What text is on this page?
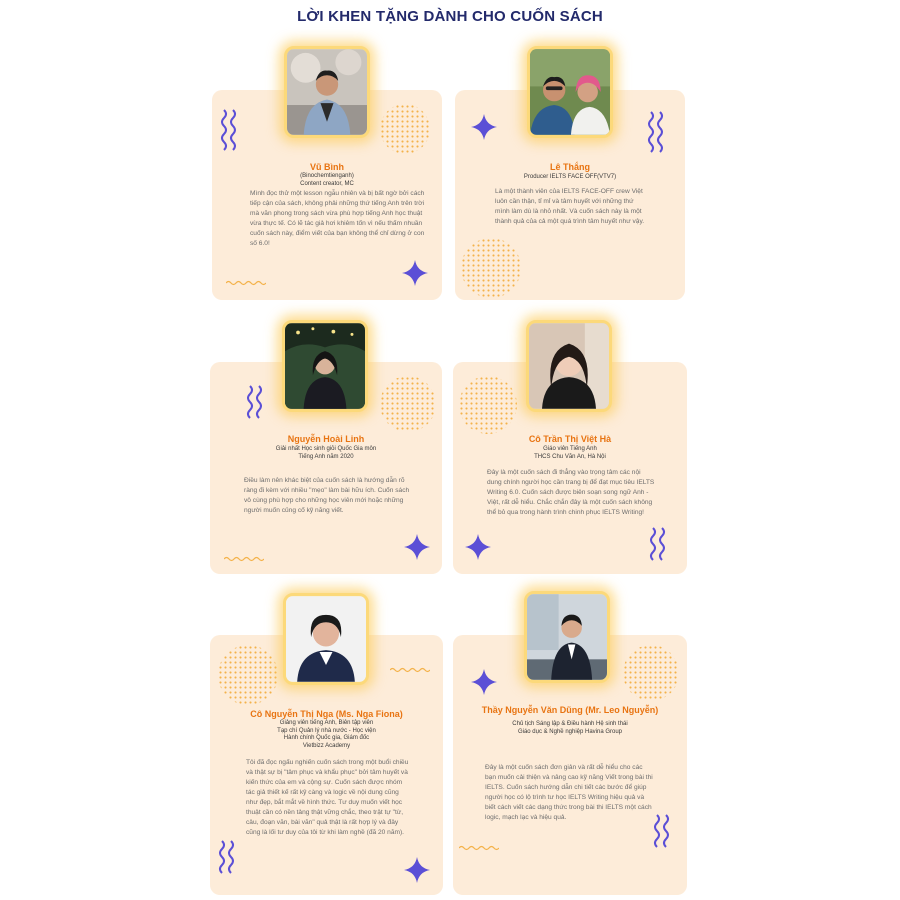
LỜI KHEN TẶNG DÀNH CHO CUỐN SÁCH
Vũ Bình
(Binochemtienganh)
Content creator, MC
Mình đọc thử một lesson ngẫu nhiên và bị bất ngờ bởi cách tiếp cận của sách, không phải những thứ tiếng Anh trên trời mà văn phong trong sách vừa phù hợp tiếng Anh học thuật vừa thực tế. Có lẽ tác giả hơi khiêm tốn vì nếu thấm nhuần cuốn sách này, điểm viết của bạn không thể chỉ dừng ở con số 6.0!
Lê Thắng
Producer IELTS FACE OFF(VTV7)
Là một thành viên của IELTS FACE-OFF crew Việt luôn cần thận, tỉ mỉ và tâm huyết với những thứ mình làm dù là nhỏ nhất. Và cuốn sách này là một thành quả của cả một quá trình tâm huyết như vậy.
Nguyễn Hoài Linh
Giải nhất Học sinh giỏi Quốc Gia môn
Tiếng Anh năm 2020
Điều làm nên khác biệt của cuốn sách là hướng dẫn rõ ràng đi kèm với nhiều "mẹo" làm bài hữu ích. Cuốn sách vô cùng phù hợp cho những học viên mới hoặc những người muốn củng cố kỹ năng viết.
Cô Trần Thị Việt Hà
Giáo viên Tiếng Anh
THCS Chu Văn An, Hà Nội
Đây là một cuốn sách đi thẳng vào trọng tâm các nội dung chính người học cần trang bị để đạt mục tiêu IELTS Writing 6.0. Cuốn sách được biên soạn song ngữ Anh - Việt, rất dễ hiểu. Chắc chắn đây là một cuốn sách không thể bỏ qua trong hành trình chinh phục IELTS Writing!
Cô Nguyễn Thị Nga (Ms. Nga Fiona)
Giảng viên tiếng Anh, Biên tập viên
Tạp chí Quản lý nhà nước - Học viện
Hành chính Quốc gia, Giám đốc
Vietbizz Academy
Tôi đã đọc ngấu nghiến cuốn sách trong một buổi chiều và thật sự bị "tâm phục và khẩu phục" bởi tâm huyết và kiến thức của em và cộng sự. Cuốn sách được nhóm tác giả thiết kế rất kỹ càng và logic về nội dung cũng như đẹp, bắt mắt về hình thức. Tư duy muốn viết học thuật cần có nền tảng thật vững chắc, theo trật tự "từ, câu, đoạn văn, bài văn" quả thật là rất hợp lý và đây cũng là lối tư duy của tôi từ khi làm nghề (đã 20 năm).
Thầy Nguyễn Văn Dũng (Mr. Leo Nguyễn)
Chủ tịch Sáng lập & Điều hành Hệ sinh thái
Giáo dục & Nghề nghiệp Havina Group
Đây là một cuốn sách đơn giản và rất dễ hiểu cho các bạn muốn cải thiện và nâng cao kỹ năng Viết trong bài thi IELTS. Cuốn sách hướng dẫn chi tiết các bước để giúp người học có lộ trình tư học IELTS Writing hiệu quả và biết cách viết các dạng thức trong bài thi IELTS một cách logic, mạch lạc và hiệu quả.
